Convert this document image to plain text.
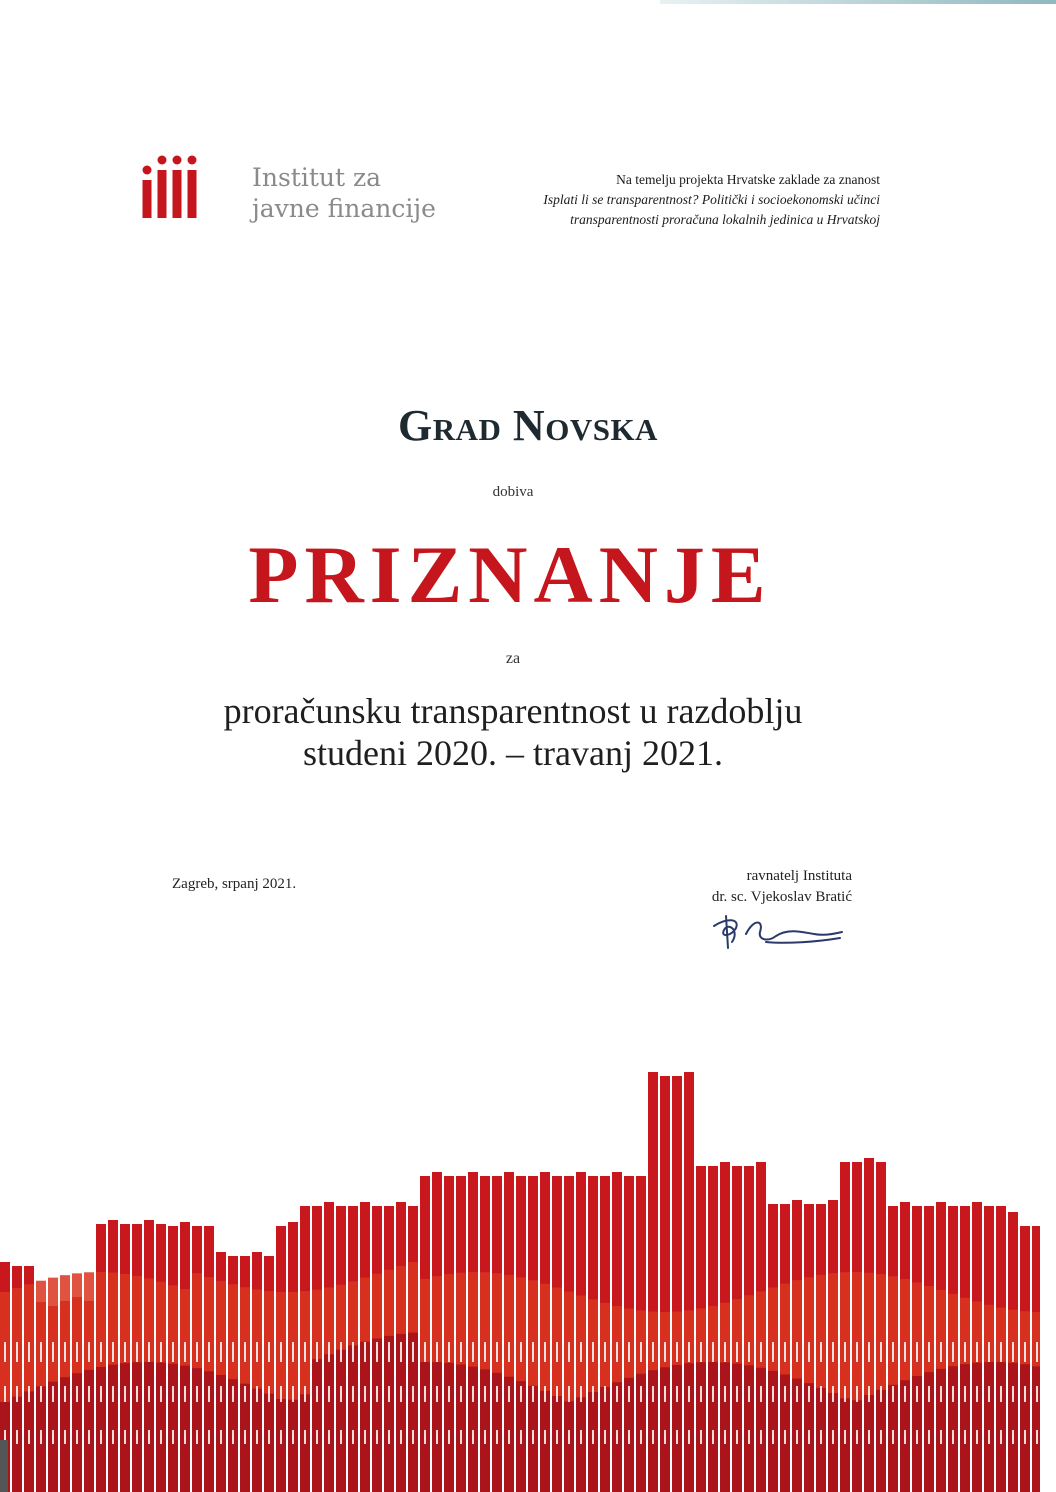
Institut za
javne financije
Na temelju projekta Hrvatske zaklade za znanost
Isplati li se transparentnost? Politički i socioekonomski učinci
transparentnosti proračuna lokalnih jedinica u Hrvatskoj
Grad Novska
dobiva
PRIZNANJE
za
proračunsku transparentnost u razdoblju
studeni 2020. – travanj 2021.
Zagreb, srpanj 2021.	ravnatelj Instituta
dr. sc. Vjekoslav Bratić
